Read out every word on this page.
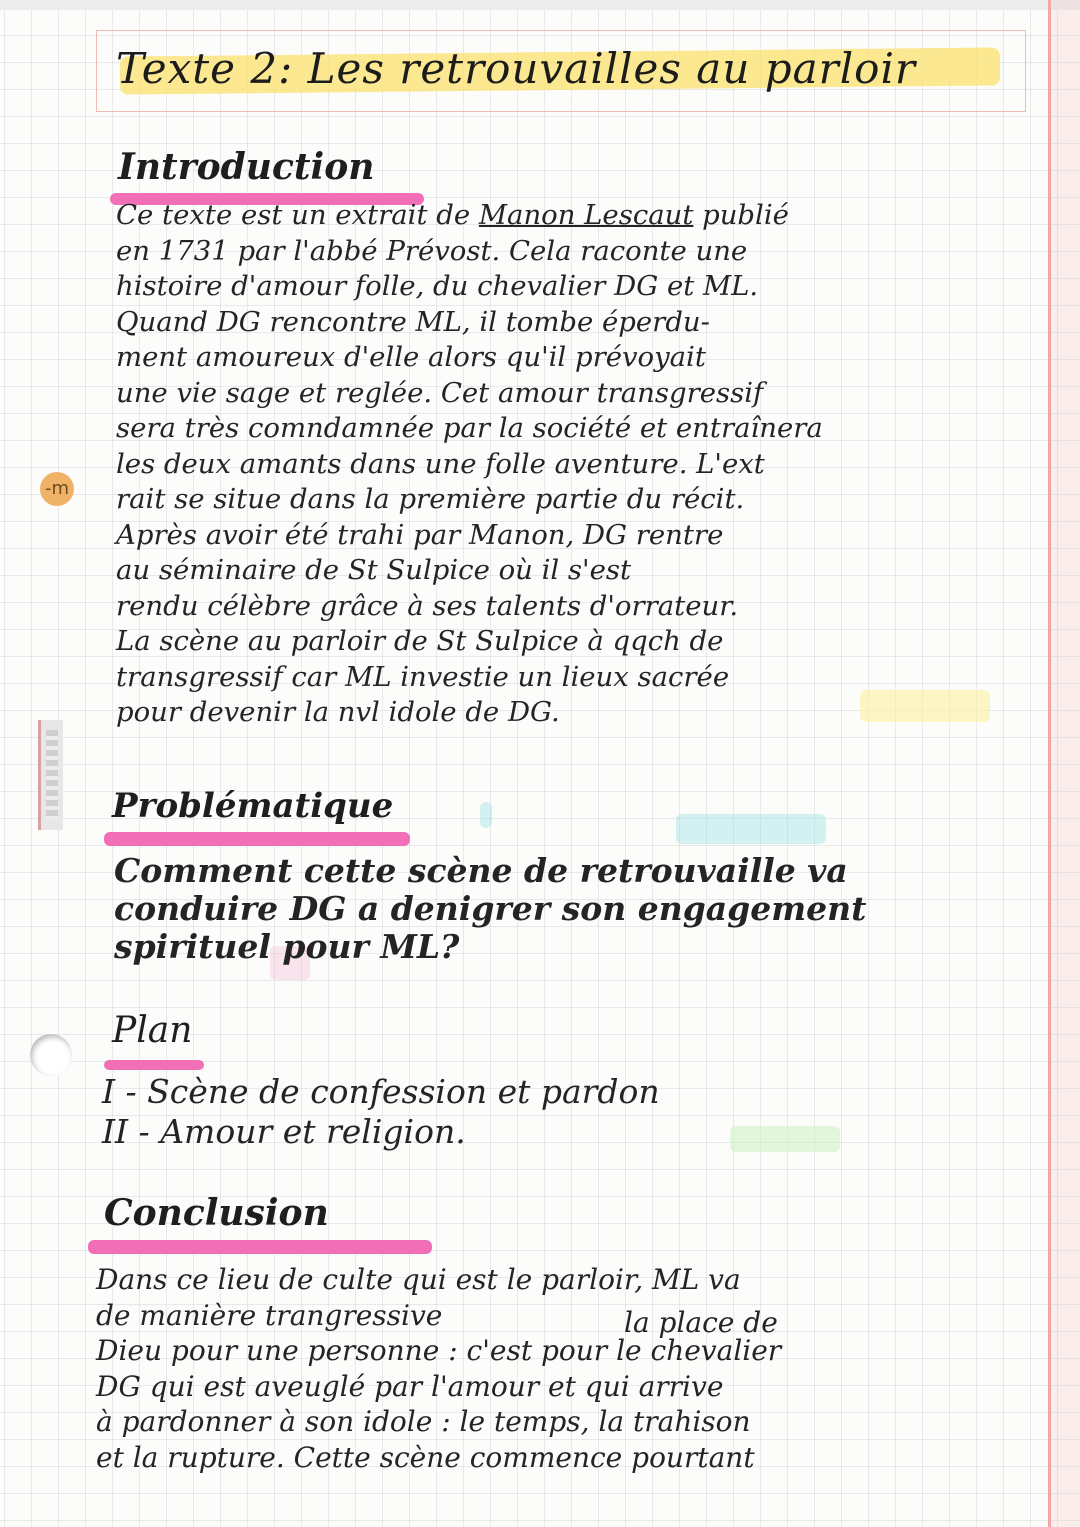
-m
Texte 2: Les retrouvailles au parloir
Introduction

Ce texte est un extrait de Manon Lescaut publié
en 1731 par l'abbé Prévost. Cela raconte une
histoire d'amour folle, du chevalier DG et ML.
Quand DG rencontre ML, il tombe éperdu-
ment amoureux d'elle alors qu'il prévoyait
une vie sage et reglée. Cet amour transgressif
sera très comndamnée par la société et entraînera
les deux amants dans une folle aventure. L'ext
rait se situe dans la première partie du récit.
Après avoir été trahi par Manon, DG rentre
au séminaire de St Sulpice où il s'est
rendu célèbre grâce à ses talents d'orrateur.
La scène au parloir de St Sulpice à qqch de
transgressif car ML investie un lieux sacrée
pour devenir la nvl idole de DG.

Problématique

Comment cette scène de retrouvaille va
conduire DG a denigrer son engagement
spirituel pour ML?

Plan

I - Scène de confession et pardon
II - Amour et religion.

Conclusion

Dans ce lieu de culte qui est le parloir, ML va
de manière trangressive	la place de
Dieu pour une personne : c'est pour le chevalier
DG qui est aveuglé par l'amour et qui arrive
à pardonner à son idole : le temps, la trahison
et la rupture. Cette scène commence pourtant
